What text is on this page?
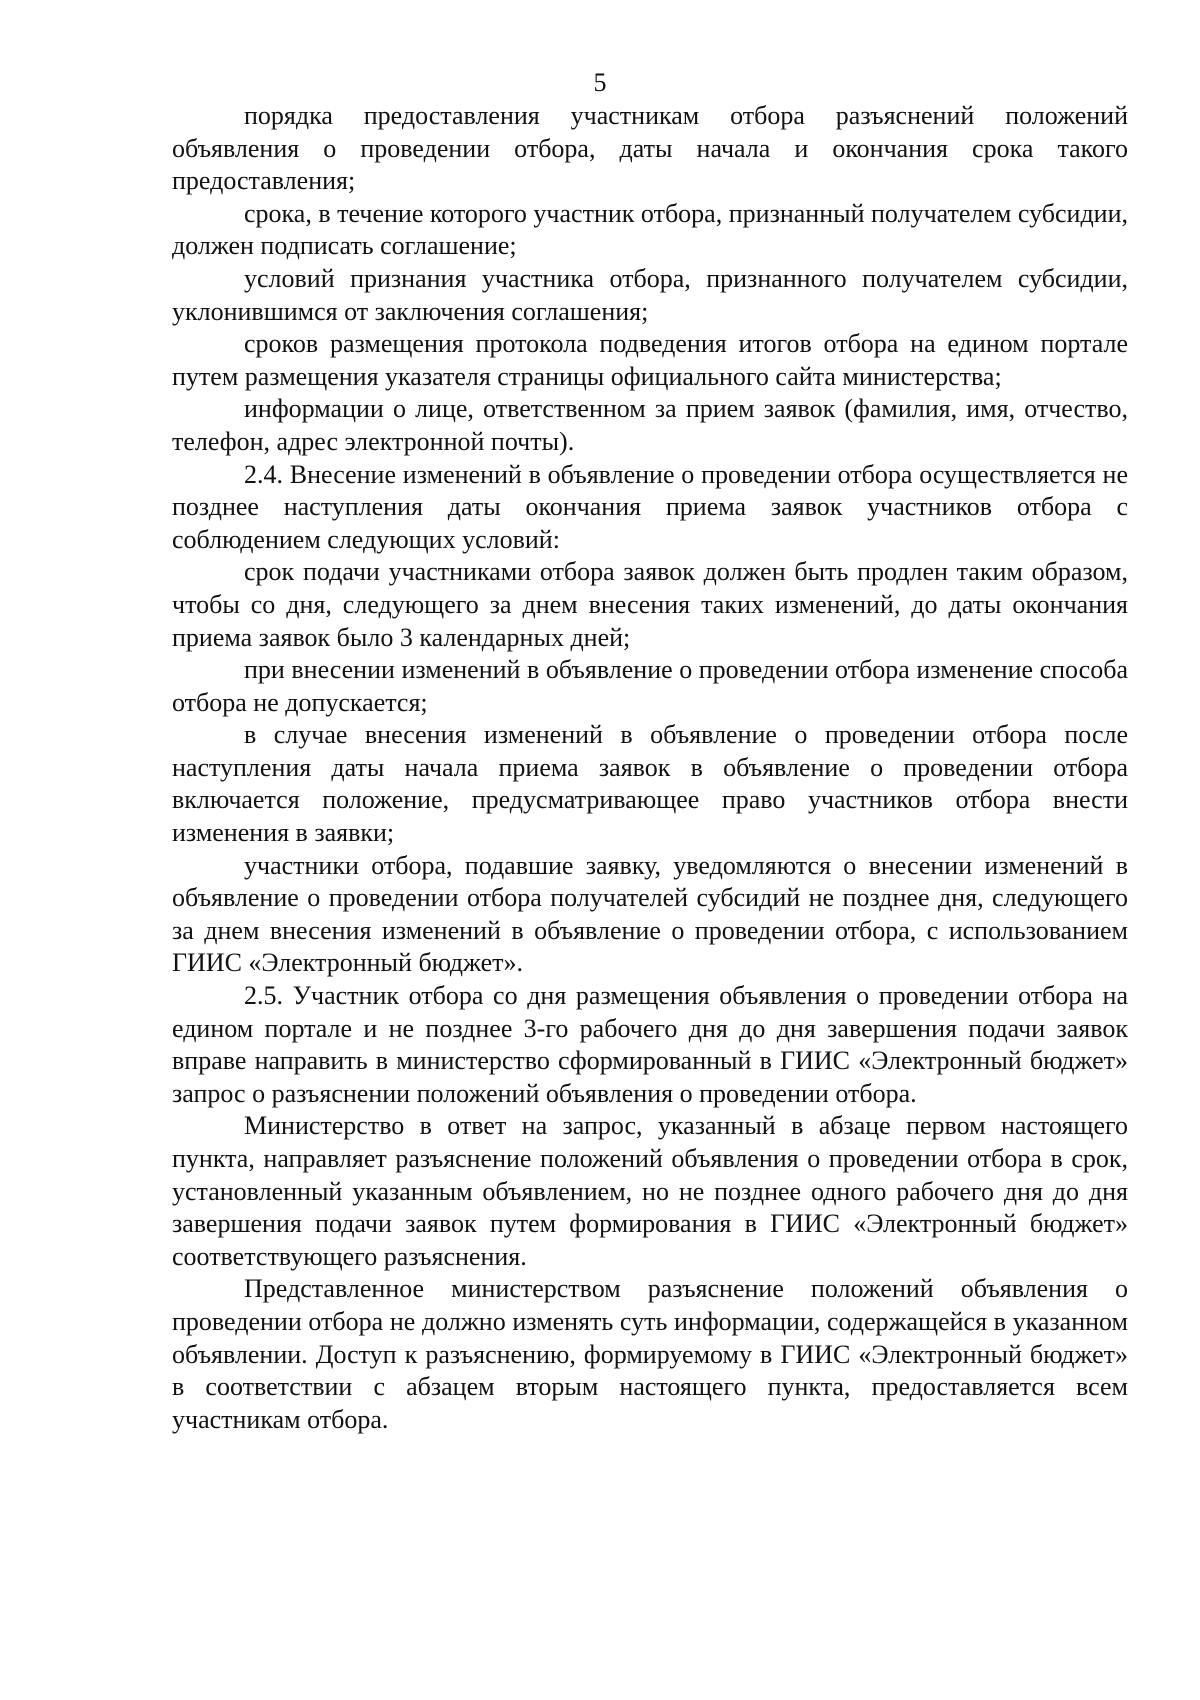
5

порядка предоставления участникам отбора разъяснений положений объявления о проведении отбора, даты начала и окончания срока такого предоставления;

срока, в течение которого участник отбора, признанный получателем субсидии, должен подписать соглашение;

условий признания участника отбора, признанного получателем субсидии, уклонившимся от заключения соглашения;

сроков размещения протокола подведения итогов отбора на едином портале путем размещения указателя страницы официального сайта министерства;

информации о лице, ответственном за прием заявок (фамилия, имя, отчество, телефон, адрес электронной почты).

2.4. Внесение изменений в объявление о проведении отбора осуществляется не позднее наступления даты окончания приема заявок участников отбора с соблюдением следующих условий:

срок подачи участниками отбора заявок должен быть продлен таким образом, чтобы со дня, следующего за днем внесения таких изменений, до даты окончания приема заявок было 3 календарных дней;

при внесении изменений в объявление о проведении отбора изменение способа отбора не допускается;

в случае внесения изменений в объявление о проведении отбора после наступления даты начала приема заявок в объявление о проведении отбора включается положение, предусматривающее право участников отбора внести изменения в заявки;

участники отбора, подавшие заявку, уведомляются о внесении изменений в объявление о проведении отбора получателей субсидий не позднее дня, следующего за днем внесения изменений в объявление о проведении отбора, с использованием ГИИС «Электронный бюджет».

2.5. Участник отбора со дня размещения объявления о проведении отбора на едином портале и не позднее 3-го рабочего дня до дня завершения подачи заявок вправе направить в министерство сформированный в ГИИС «Электронный бюджет» запрос о разъяснении положений объявления о проведении отбора.

Министерство в ответ на запрос, указанный в абзаце первом настоящего пункта, направляет разъяснение положений объявления о проведении отбора в срок, установленный указанным объявлением, но не позднее одного рабочего дня до дня завершения подачи заявок путем формирования в ГИИС «Электронный бюджет» соответствующего разъяснения.

Представленное министерством разъяснение положений объявления о проведении отбора не должно изменять суть информации, содержащейся в указанном объявлении. Доступ к разъяснению, формируемому в ГИИС «Электронный бюджет» в соответствии с абзацем вторым настоящего пункта, предоставляется всем участникам отбора.
